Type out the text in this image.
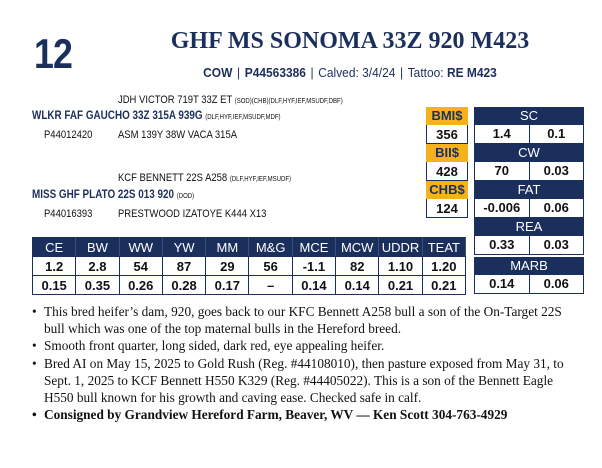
12	GHF MS SONOMA 33Z 920 M423
COW | P44563386 | Calved: 3/4/24 | Tattoo: RE M423
JDH VICTOR 719T 33Z ET (SOD)(CHB)(DLF,HYF,IEF,MSUDF,DBF)
WLKR FAF GAUCHO 33Z 315A 939G (DLF,HYF,IEF,MSUDF,MDF)
P44012420 ASM 139Y 38W VACA 315A
KCF BENNETT 22S A258 (DLF,HYF,IEF,MSUDF)
MISS GHF PLATO 22S 013 920 (DOD)
P44016393 PRESTWOOD IZATOYE K444 X13
BMI$
356
BII$
428
CHB$
124
SC
1.4	0.1
CW
70	0.03
FAT
-0.006	0.06
REA
0.33	0.03
MARB
0.14	0.06
CE	BW	WW	YW	MM	M&G	MCE	MCW	UDDR	TEAT
1.2	2.8	54	87	29	56	-1.1	82	1.10	1.20
0.15	0.35	0.26	0.28	0.17	–	0.14	0.14	0.21	0.21
• This bred heifer’s dam, 920, goes back to our KFC Bennett A258 bull a son of the On-Target 22S bull which was one of the top maternal bulls in the Hereford breed.
• Smooth front quarter, long sided, dark red, eye appealing heifer.
• Bred AI on May 15, 2025 to Gold Rush (Reg. #44108010), then pasture exposed from May 31, to Sept. 1, 2025 to KCF Bennett H550 K329 (Reg. #44405022). This is a son of the Bennett Eagle H550 bull known for his growth and caving ease. Checked safe in calf.
• Consigned by Grandview Hereford Farm, Beaver, WV — Ken Scott 304-763-4929
